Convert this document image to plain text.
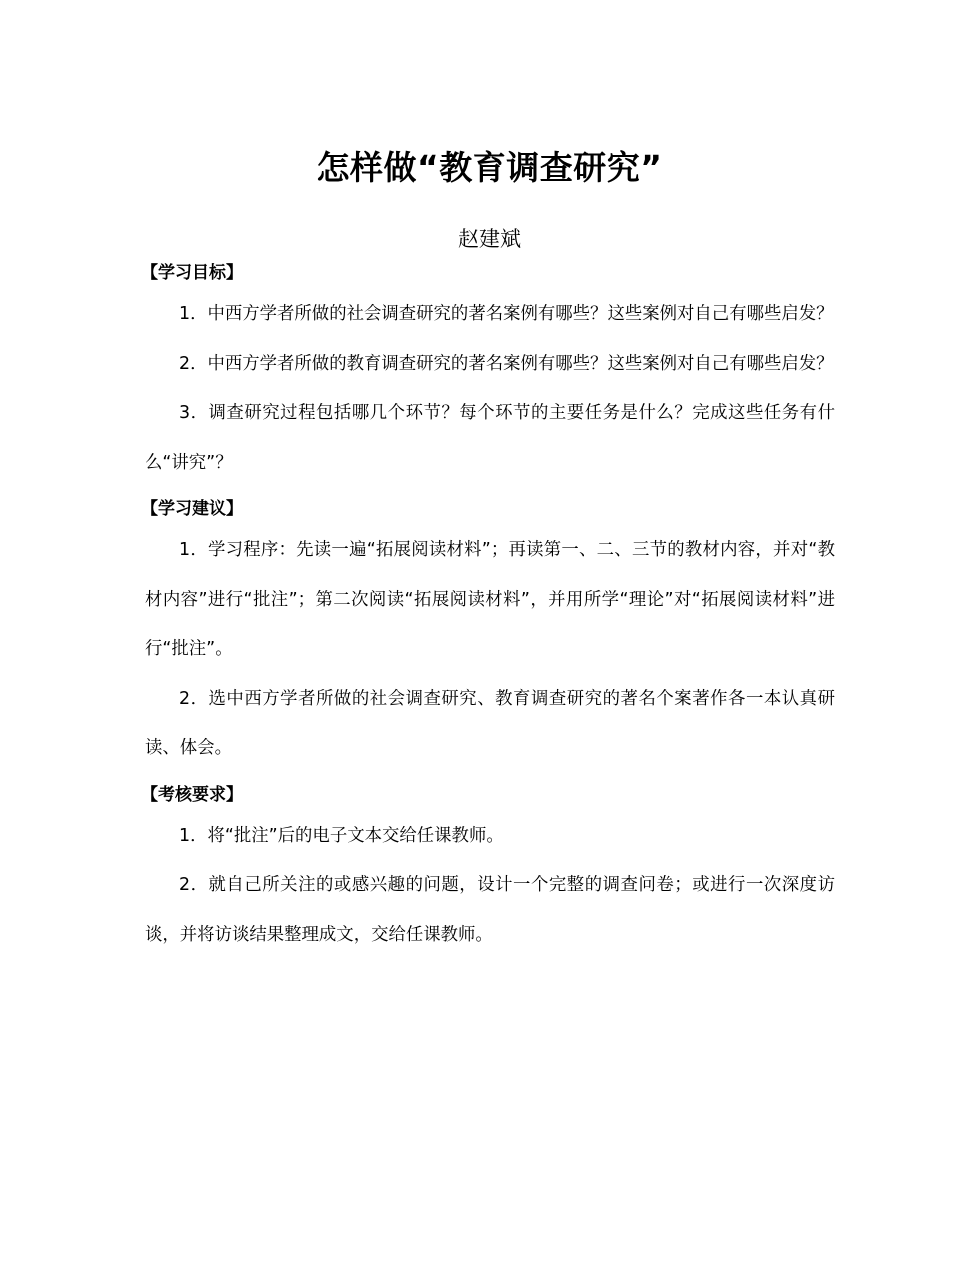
怎样做“教育调查研究”
赵建斌
【学习目标】

1．中西方学者所做的社会调查研究的著名案例有哪些？这些案例对自己有哪些启发？

2．中西方学者所做的教育调查研究的著名案例有哪些？这些案例对自己有哪些启发？

3．调查研究过程包括哪几个环节？每个环节的主要任务是什么？完成这些任务有什么“讲究”？

【学习建议】

1．学习程序：先读一遍“拓展阅读材料”；再读第一、二、三节的教材内容，并对“教材内容”进行“批注”；第二次阅读“拓展阅读材料”，并用所学“理论”对“拓展阅读材料”进行“批注”。

2．选中西方学者所做的社会调查研究、教育调查研究的著名个案著作各一本认真研读、体会。

【考核要求】

1．将“批注”后的电子文本交给任课教师。

2．就自己所关注的或感兴趣的问题，设计一个完整的调查问卷；或进行一次深度访谈，并将访谈结果整理成文，交给任课教师。
